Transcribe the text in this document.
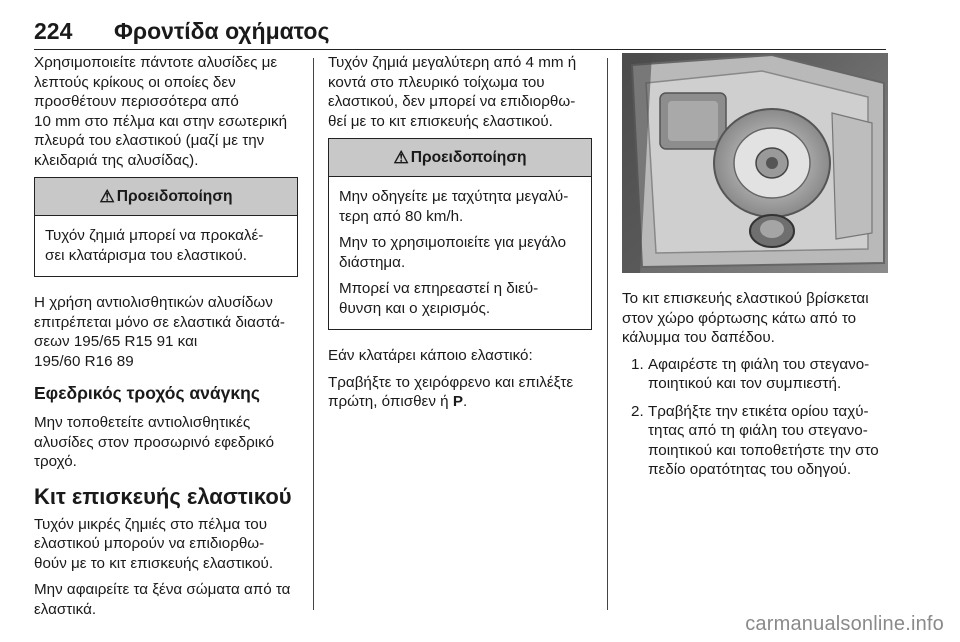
224 Φροντίδα οχήματος

Χρησιμοποιείτε πάντοτε αλυσίδες με
λεπτούς κρίκους οι οποίες δεν
προσθέτουν περισσότερα από
10 mm στο πέλμα και στην εσωτερική
πλευρά του ελαστικού (μαζί με την
κλειδαριά της αλυσίδας).

⚠ Προειδοποίηση

Τυχόν ζημιά μπορεί να προκαλέ-
σει κλατάρισμα του ελαστικού.

Η χρήση αντιολισθητικών αλυσίδων
επιτρέπεται μόνο σε ελαστικά διαστά-
σεων 195/65 R15 91 και
195/60 R16 89

Εφεδρικός τροχός ανάγκης

Μην τοποθετείτε αντιολισθητικές
αλυσίδες στον προσωρινό εφεδρικό
τροχό.

Κιτ επισκευής ελαστικού

Τυχόν μικρές ζημιές στο πέλμα του
ελαστικού μπορούν να επιδιορθω-
θούν με το κιτ επισκευής ελαστικού.

Μην αφαιρείτε τα ξένα σώματα από τα
ελαστικά.

Τυχόν ζημιά μεγαλύτερη από 4 mm ή
κοντά στο πλευρικό τοίχωμα του
ελαστικού, δεν μπορεί να επιδιορθω-
θεί με το κιτ επισκευής ελαστικού.

⚠ Προειδοποίηση

Μην οδηγείτε με ταχύτητα μεγαλύ-
τερη από 80 km/h.

Μην το χρησιμοποιείτε για μεγάλο
διάστημα.

Μπορεί να επηρεαστεί η διεύ-
θυνση και ο χειρισμός.

Εάν κλατάρει κάποιο ελαστικό:

Τραβήξτε το χειρόφρενο και επιλέξτε
πρώτη, όπισθεν ή P.

Το κιτ επισκευής ελαστικού βρίσκεται
στον χώρο φόρτωσης κάτω από το
κάλυμμα του δαπέδου.

1. Αφαιρέστε τη φιάλη του στεγανο-
ποιητικού και τον συμπιεστή.
2. Τραβήξτε την ετικέτα ορίου ταχύ-
τητας από τη φιάλη του στεγανο-
ποιητικού και τοποθετήστε την στο
πεδίο ορατότητας του οδηγού.
carmanualsonline.info
